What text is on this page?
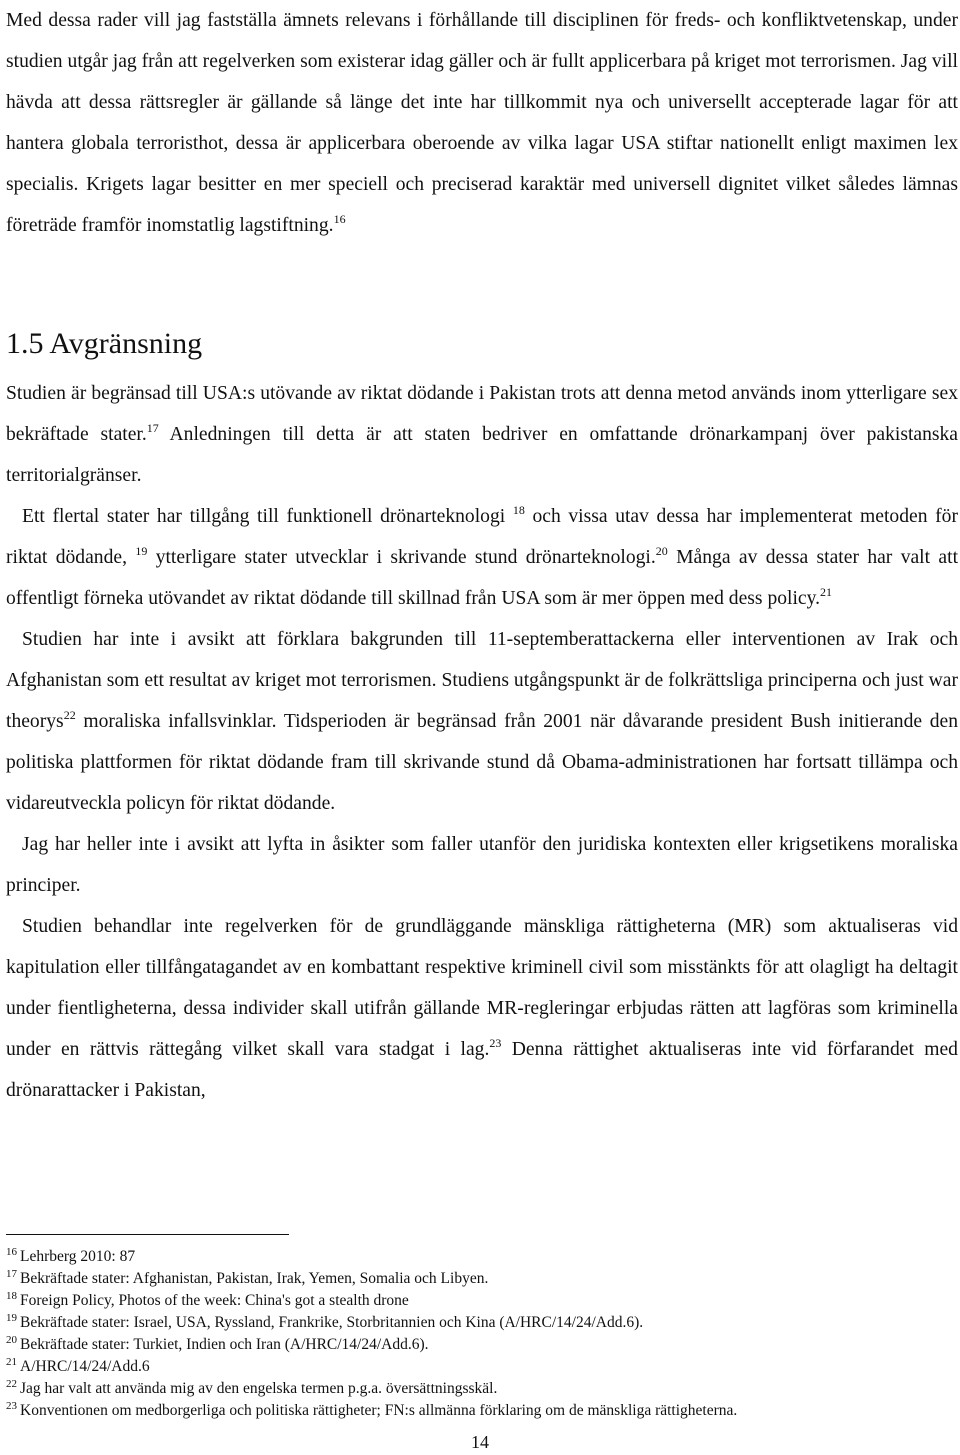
Med dessa rader vill jag fastställa ämnets relevans i förhållande till disciplinen för freds- och konfliktvetenskap, under studien utgår jag från att regelverken som existerar idag gäller och är fullt applicerbara på kriget mot terrorismen. Jag vill hävda att dessa rättsregler är gällande så länge det inte har tillkommit nya och universellt accepterade lagar för att hantera globala terroristhot, dessa är applicerbara oberoende av vilka lagar USA stiftar nationellt enligt maximen lex specialis. Krigets lagar besitter en mer speciell och preciserad karaktär med universell dignitet vilket således lämnas företräde framför inomstatlig lagstiftning.$^{16}$

1.5 Avgränsning

Studien är begränsad till USA:s utövande av riktat dödande i Pakistan trots att denna metod används inom ytterligare sex bekräftade stater.$^{17}$ Anledningen till detta är att staten bedriver en omfattande drönarkampanj över pakistanska territorialgränser.

Ett flertal stater har tillgång till funktionell drönarteknologi $^{18}$ och vissa utav dessa har implementerat metoden för riktat dödande, $^{19}$ ytterligare stater utvecklar i skrivande stund drönarteknologi.$^{20}$ Många av dessa stater har valt att offentligt förneka utövandet av riktat dödande till skillnad från USA som är mer öppen med dess policy.$^{21}$

Studien har inte i avsikt att förklara bakgrunden till 11-septemberattackerna eller interventionen av Irak och Afghanistan som ett resultat av kriget mot terrorismen. Studiens utgångspunkt är de folkrättsliga principerna och just war theorys$^{22}$ moraliska infallsvinklar. Tidsperioden är begränsad från 2001 när dåvarande president Bush initierande den politiska plattformen för riktat dödande fram till skrivande stund då Obama-administrationen har fortsatt tillämpa och vidareutveckla policyn för riktat dödande.

Jag har heller inte i avsikt att lyfta in åsikter som faller utanför den juridiska kontexten eller krigsetikens moraliska principer.

Studien behandlar inte regelverken för de grundläggande mänskliga rättigheterna (MR) som aktualiseras vid kapitulation eller tillfångatagandet av en kombattant respektive kriminell civil som misstänkts för att olagligt ha deltagit under fientligheterna, dessa individer skall utifrån gällande MR-regleringar erbjudas rätten att lagföras som kriminella under en rättvis rättegång vilket skall vara stadgat i lag.$^{23}$ Denna rättighet aktualiseras inte vid förfarandet med drönarattacker i Pakistan,

$^{16}$ Lehrberg 2010: 87

$^{17}$ Bekräftade stater: Afghanistan, Pakistan, Irak, Yemen, Somalia och Libyen.

$^{18}$ Foreign Policy, Photos of the week: China's got a stealth drone

$^{19}$ Bekräftade stater: Israel, USA, Ryssland, Frankrike, Storbritannien och Kina (A/HRC/14/24/Add.6).

$^{20}$ Bekräftade stater: Turkiet, Indien och Iran (A/HRC/14/24/Add.6).

$^{21}$ A/HRC/14/24/Add.6

$^{22}$ Jag har valt att använda mig av den engelska termen p.g.a. översättningsskäl.

$^{23}$ Konventionen om medborgerliga och politiska rättigheter; FN:s allmänna förklaring om de mänskliga rättigheterna.

14
